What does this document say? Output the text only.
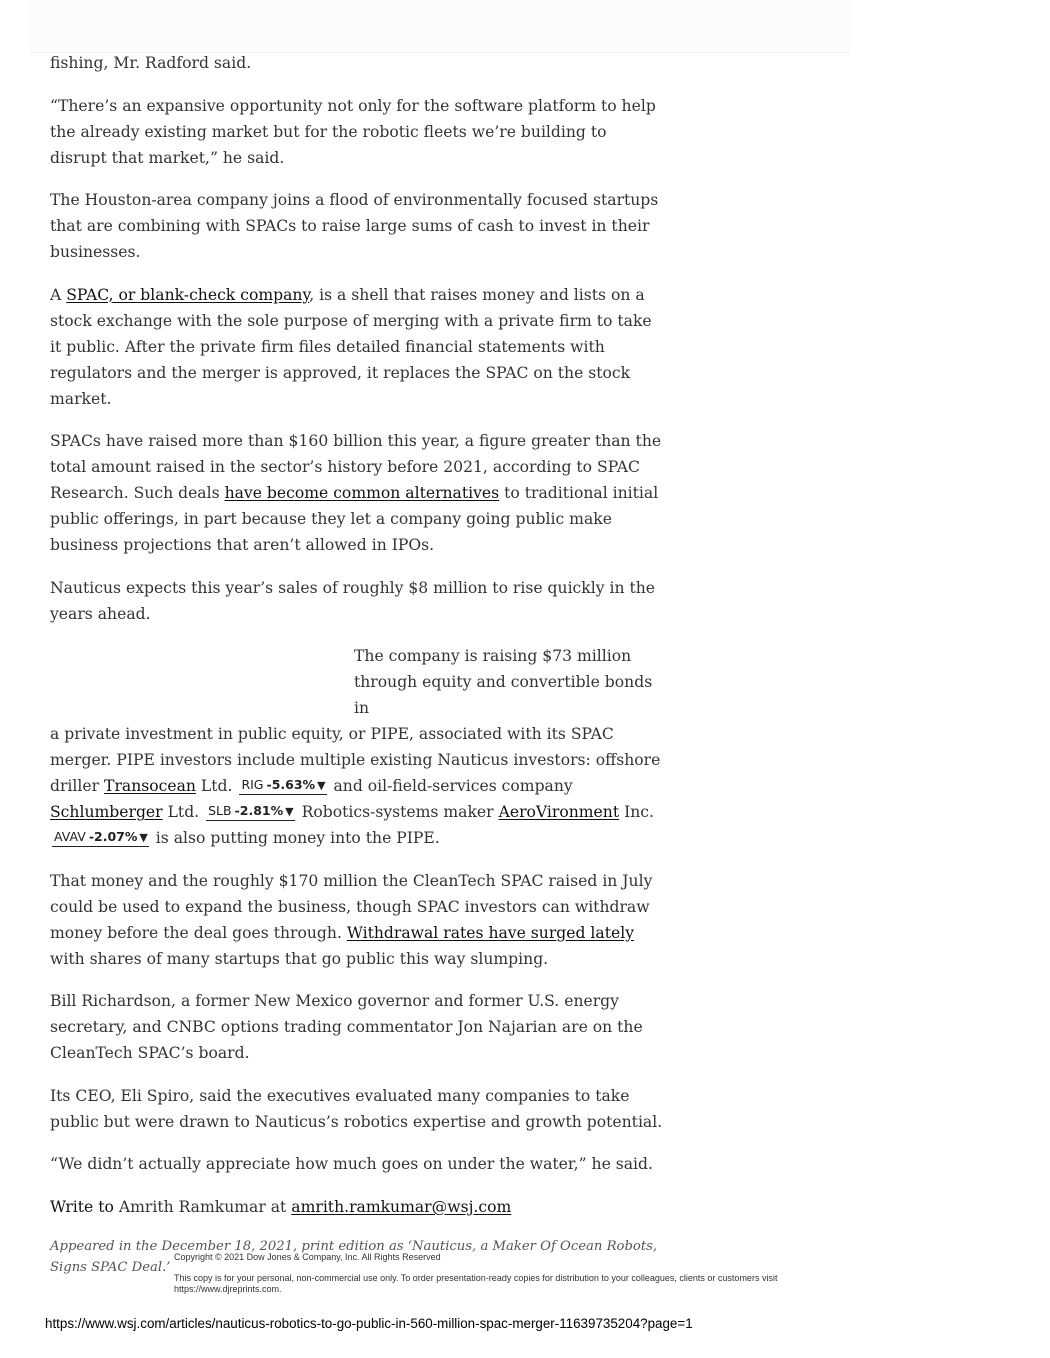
fishing, Mr. Radford said.

“There’s an expansive opportunity not only for the software platform to help the already existing market but for the robotic fleets we’re building to disrupt that market,” he said.

The Houston-area company joins a flood of environmentally focused startups that are combining with SPACs to raise large sums of cash to invest in their businesses.

A SPAC, or blank-check company, is a shell that raises money and lists on a stock exchange with the sole purpose of merging with a private firm to take it public. After the private firm files detailed financial statements with regulators and the merger is approved, it replaces the SPAC on the stock market.

SPACs have raised more than $160 billion this year, a figure greater than the total amount raised in the sector’s history before 2021, according to SPAC Research. Such deals have become common alternatives to traditional initial public offerings, in part because they let a company going public make business projections that aren’t allowed in IPOs.

Nauticus expects this year’s sales of roughly $8 million to rise quickly in the years ahead.

The company is raising $73 million through equity and convertible bonds in
a private investment in public equity, or PIPE, associated with its SPAC merger. PIPE investors include multiple existing Nauticus investors: offshore driller Transocean Ltd. RIG -5.63% ▼ and oil-field-services company Schlumberger Ltd. SLB -2.81% ▼ Robotics-systems maker AeroVironment Inc. AVAV -2.07% ▼ is also putting money into the PIPE.

That money and the roughly $170 million the CleanTech SPAC raised in July could be used to expand the business, though SPAC investors can withdraw money before the deal goes through. Withdrawal rates have surged lately with shares of many startups that go public this way slumping.

Bill Richardson, a former New Mexico governor and former U.S. energy secretary, and CNBC options trading commentator Jon Najarian are on the CleanTech SPAC’s board.

Its CEO, Eli Spiro, said the executives evaluated many companies to take public but were drawn to Nauticus’s robotics expertise and growth potential.

“We didn’t actually appreciate how much goes on under the water,” he said.

Write to Amrith Ramkumar at amrith.ramkumar@wsj.com

Appeared in the December 18, 2021, print edition as ‘Nauticus, a Maker Of Ocean Robots, Signs SPAC Deal.’
Copyright © 2021 Dow Jones & Company, Inc. All Rights Reserved
This copy is for your personal, non-commercial use only. To order presentation-ready copies for distribution to your colleagues, clients or customers visit https://www.djreprints.com.
https://www.wsj.com/articles/nauticus-robotics-to-go-public-in-560-million-spac-merger-11639735204?page=1
